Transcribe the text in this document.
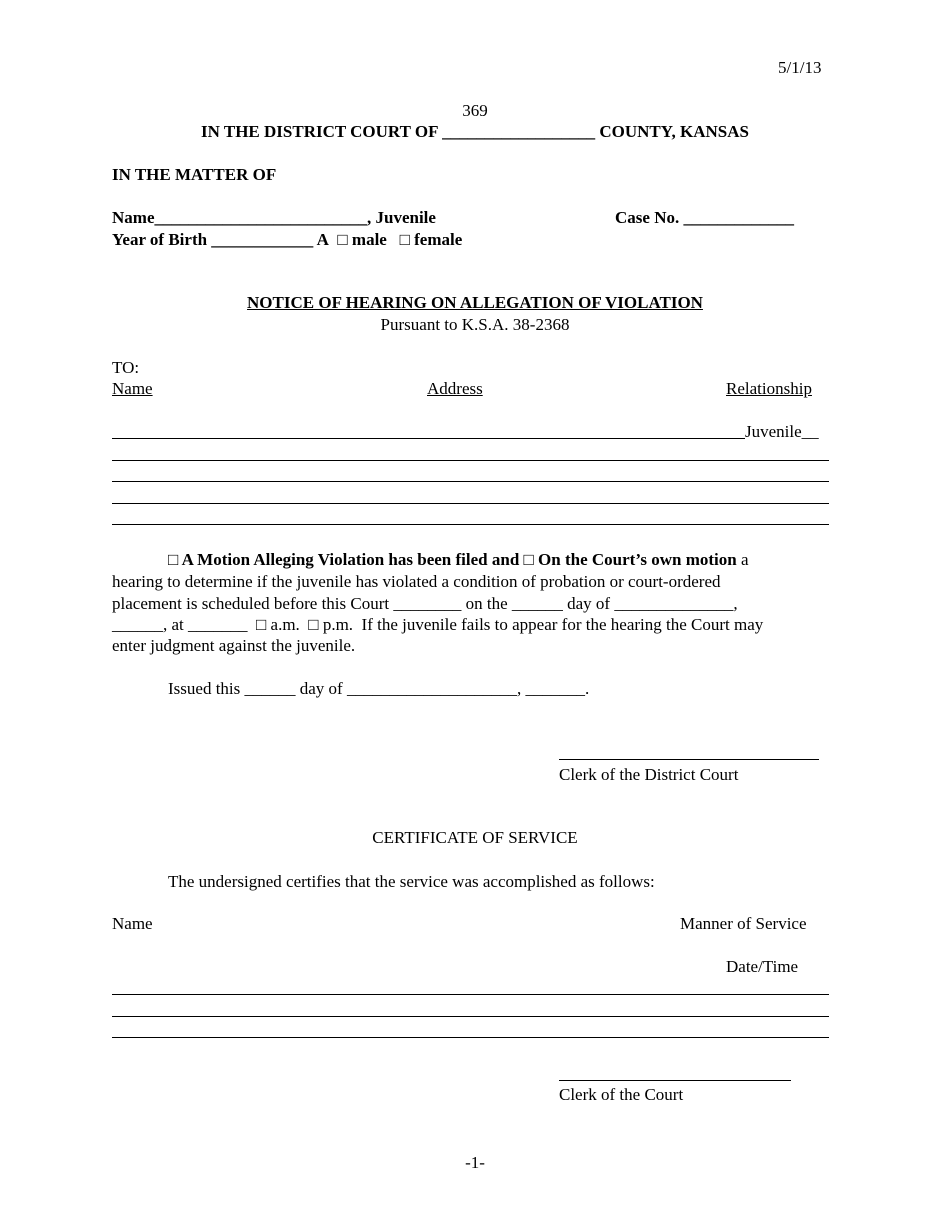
5/1/13
369
IN THE DISTRICT COURT OF __________________ COUNTY, KANSAS
IN THE MATTER OF
Name_________________________, Juvenile	Case No. _____________
Year of Birth ____________ A □ male □ female
NOTICE OF HEARING ON ALLEGATION OF VIOLATION
Pursuant to K.S.A. 38-2368
TO:
Name	Address	Relationship
Juvenile__
□ A Motion Alleging Violation has been filed and □ On the Court’s own motion a
hearing to determine if the juvenile has violated a condition of probation or court-ordered
placement is scheduled before this Court ________ on the ______ day of ______________,
______, at _______  □ a.m.  □ p.m.  If the juvenile fails to appear for the hearing the Court may
enter judgment against the juvenile.
Issued this ______ day of ____________________, _______.
Clerk of the District Court
CERTIFICATE OF SERVICE
The undersigned certifies that the service was accomplished as follows:
Name	Manner of Service
Date/Time
Clerk of the Court
-1-
